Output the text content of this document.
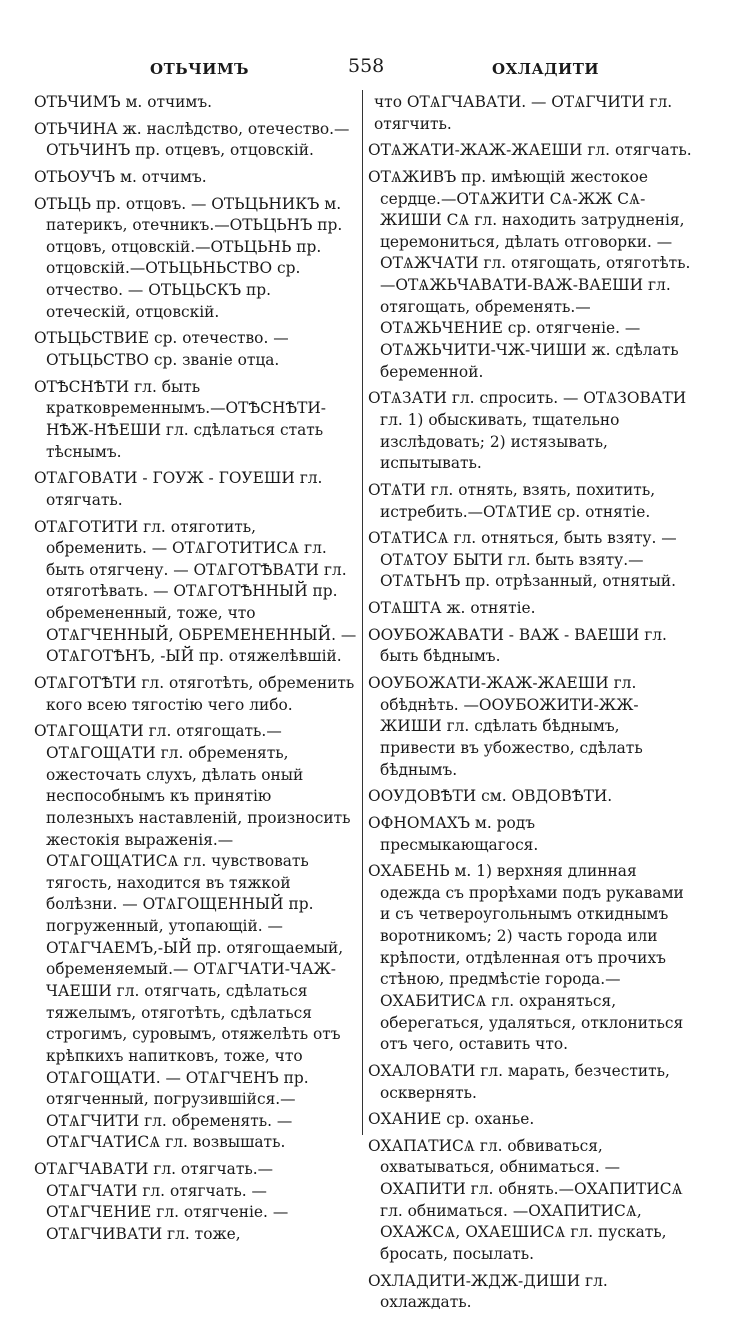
ОТЬЧИМЪ	558	ОХЛАДИТИ

ОТЬЧИМЪ м. отчимъ.

ОТЬЧИНА ж. наслѣдство, отечество.— ОТЬЧИНЪ пр. отцевъ, отцовскій.

ОТЬОУЧЪ м. отчимъ.

ОТЬЦЬ пр. отцовъ. — ОТЬЦЬНИКЪ м. патерикъ, отечникъ.—ОТЬЦЬНЪ пр. отцовъ, отцовскій.—ОТЬЦЬНЬ пр. отцовскій.—ОТЬЦЬНЬСТВО ср. отчество. — ОТЬЦЬСКЪ пр. отеческій, отцовскій.

ОТЬЦЬСТВИЕ ср. отечество. — ОТЬЦЬСТВО ср. званіе отца.

ОТѢСНѢТИ гл. быть кратковременнымъ.—ОТѢСНѢТИ-НѢЖ-НѢЕШИ гл. сдѣлаться стать тѣснымъ.

ОТѦГОВАТИ - ГОУЖ - ГОУЕШИ гл. отягчать.

ОТѦГОТИТИ гл. отяготить, обременить. — ОТѦГОТИТИСѦ гл. быть отягчену. — ОТѦГОТѢВАТИ гл. отяготѣвать. — ОТѦГОТѢННЫЙ пр. обремененный, тоже, что ОТѦГЧЕННЫЙ, ОБРЕМЕНЕННЫЙ. — ОТѦГОТѢНЪ, -ЫЙ пр. отяжелѣвшій.

ОТѦГОТѢТИ гл. отяготѣть, обременить кого всею тягостію чего либо.

ОТѦГОЩАТИ гл. отягощать.—ОТѦГОЩАТИ гл. обременять, ожесточать слухъ, дѣлать оный неспособнымъ къ принятію полезныхъ наставленій, произносить жестокія выраженія.—ОТѦГОЩАТИСѦ гл. чувствовать тягость, находится въ тяжкой болѣзни. — ОТѦГОЩЕННЫЙ пр. погруженный, утопающій. — ОТѦГЧАЕМЪ,-ЫЙ пр. отягощаемый, обременяемый.— ОТѦГЧАТИ-ЧАЖ-ЧАЕШИ гл. отягчать, сдѣлаться тяжелымъ, отяготѣть, сдѣлаться строгимъ, суровымъ, отяжелѣть отъ крѣпкихъ напитковъ, тоже, что ОТѦГОЩАТИ. — ОТѦГЧЕНЪ пр. отягченный, погрузившійся.—ОТѦГЧИТИ гл. обременять. —ОТѦГЧАТИСѦ гл. возвышать.

ОТѦГЧАВАТИ гл. отягчать.—ОТѦГЧАТИ гл. отягчать. — ОТѦГЧЕНИЕ гл. отягченіе. — ОТѦГЧИВАТИ гл. тоже,

что ОТѦГЧАВАТИ. — ОТѦГЧИТИ гл. отягчить.

ОТѦЖАТИ-ЖАЖ-ЖАЕШИ гл. отягчать.

ОТѦЖИВЪ пр. имѣющій жестокое сердце.—ОТѦЖИТИ СѦ-ЖЖ СѦ-ЖИШИ СѦ гл. находить затрудненія, церемониться, дѣлать отговорки. — ОТѦЖЧАТИ гл. отягощать, отяготѣть.—ОТѦЖЬЧАВАТИ-ВАЖ-ВАЕШИ гл. отягощать, обременять.—ОТѦЖЬЧЕНИЕ ср. отягченіе. — ОТѦЖЬЧИТИ-ЧЖ-ЧИШИ ж. сдѣлать беременной.

ОТѦЗАТИ гл. спросить. — ОТѦЗОВАТИ гл. 1) обыскивать, тщательно изслѣдовать; 2) истязывать, испытывать.

ОТѦТИ гл. отнять, взять, похитить, истребить.—ОТѦТИЕ ср. отнятіе.

ОТѦТИСѦ гл. отняться, быть взяту. — ОТѦТОУ БЫТИ гл. быть взяту.—ОТѦТЬНЪ пр. отрѣзанный, отнятый.

ОТѦШТА ж. отнятіе.

ООУБОЖАВАТИ - ВАЖ - ВАЕШИ гл. быть бѣднымъ.

ООУБОЖАТИ-ЖАЖ-ЖАЕШИ гл. обѣднѣть. —ООУБОЖИТИ-ЖЖ-ЖИШИ гл. сдѣлать бѣднымъ, привести въ убожество, сдѣлать бѣднымъ.

ООУДОВѢТИ см. ОВДОВѢТИ.

ОФНОМАХЪ м. родъ пресмыкающагося.

ОХАБЕНЬ м. 1) верхняя длинная одежда съ прорѣхами подъ рукавами и съ четвероугольнымъ откиднымъ воротникомъ; 2) часть города или крѣпости, отдѣленная отъ прочихъ стѣною, предмѣстіе города.—ОХАБИТИСѦ гл. охраняться, оберегаться, удаляться, отклониться отъ чего, оставить что.

ОХАЛОВАТИ гл. марать, безчестить, осквернять.

ОХАНИЕ ср. оханье.

ОХАПАТИСѦ гл. обвиваться, охватываться, обниматься. — ОХАПИТИ гл. обнять.—ОХАПИТИСѦ гл. обниматься. —ОХАПИТИСѦ, ОХАЖСѦ, ОХАЕШИСѦ гл. пускать, бросать, посылать.

ОХЛАДИТИ-ЖДЖ-ДИШИ гл. охлаждать.
